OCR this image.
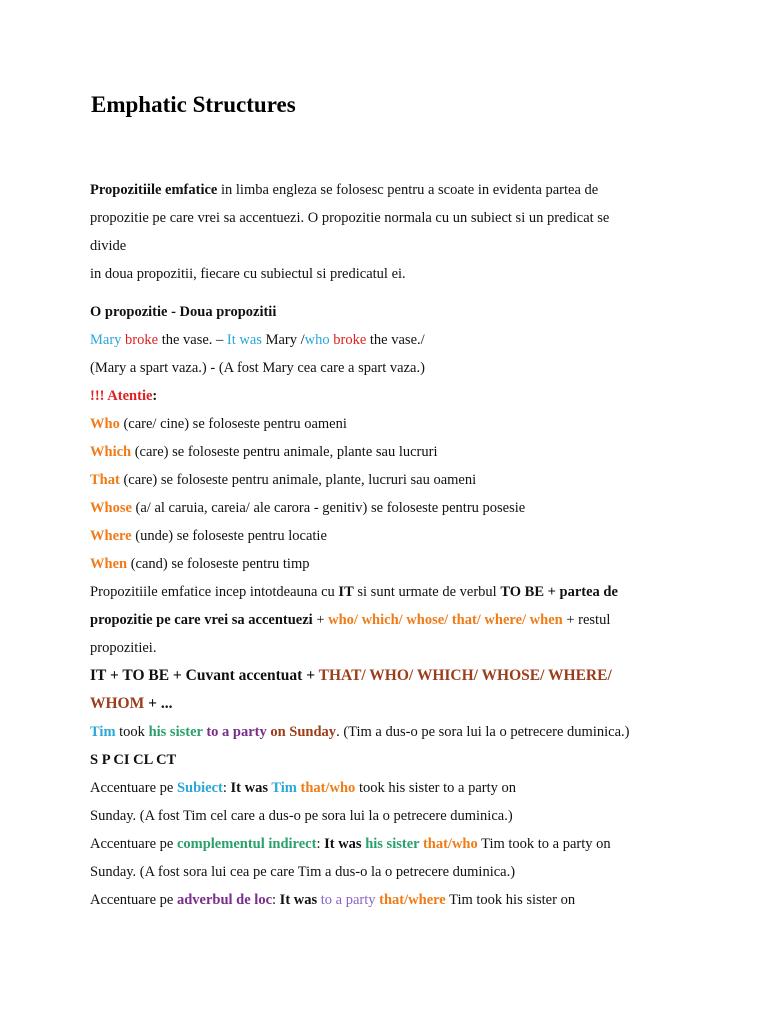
Emphatic Structures
Propozitiile emfatice in limba engleza se folosesc pentru a scoate in evidenta partea de
propozitie pe care vrei sa accentuezi. O propozitie normala cu un subiect si un predicat se
divide
in doua propozitii, fiecare cu subiectul si predicatul ei.
O propozitie - Doua propozitii
Mary broke the vase. – It was Mary /who broke the vase./
(Mary a spart vaza.) - (A fost Mary cea care a spart vaza.)
!!! Atentie:
Who (care/ cine) se foloseste pentru oameni
Which (care) se foloseste pentru animale, plante sau lucruri
That (care) se foloseste pentru animale, plante, lucruri sau oameni
Whose (a/ al caruia, careia/ ale carora - genitiv) se foloseste pentru posesie
Where (unde) se foloseste pentru locatie
When (cand) se foloseste pentru timp
Propozitiile emfatice incep intotdeauna cu IT si sunt urmate de verbul TO BE + partea de
propozitie pe care vrei sa accentuezi + who/ which/ whose/ that/ where/ when + restul
propozitiei.
IT + TO BE + Cuvant accentuat + THAT/ WHO/ WHICH/ WHOSE/ WHERE/
WHOM + ...
Tim took his sister to a party on Sunday. (Tim a dus-o pe sora lui la o petrecere duminica.)
S P CI CL CT
Accentuare pe Subiect: It was Tim that/who took his sister to a party on
Sunday. (A fost Tim cel care a dus-o pe sora lui la o petrecere duminica.)
Accentuare pe complementul indirect: It was his sister that/who Tim took to a party on
Sunday. (A fost sora lui cea pe care Tim a dus-o la o petrecere duminica.)
Accentuare pe adverbul de loc: It was to a party that/where Tim took his sister on
